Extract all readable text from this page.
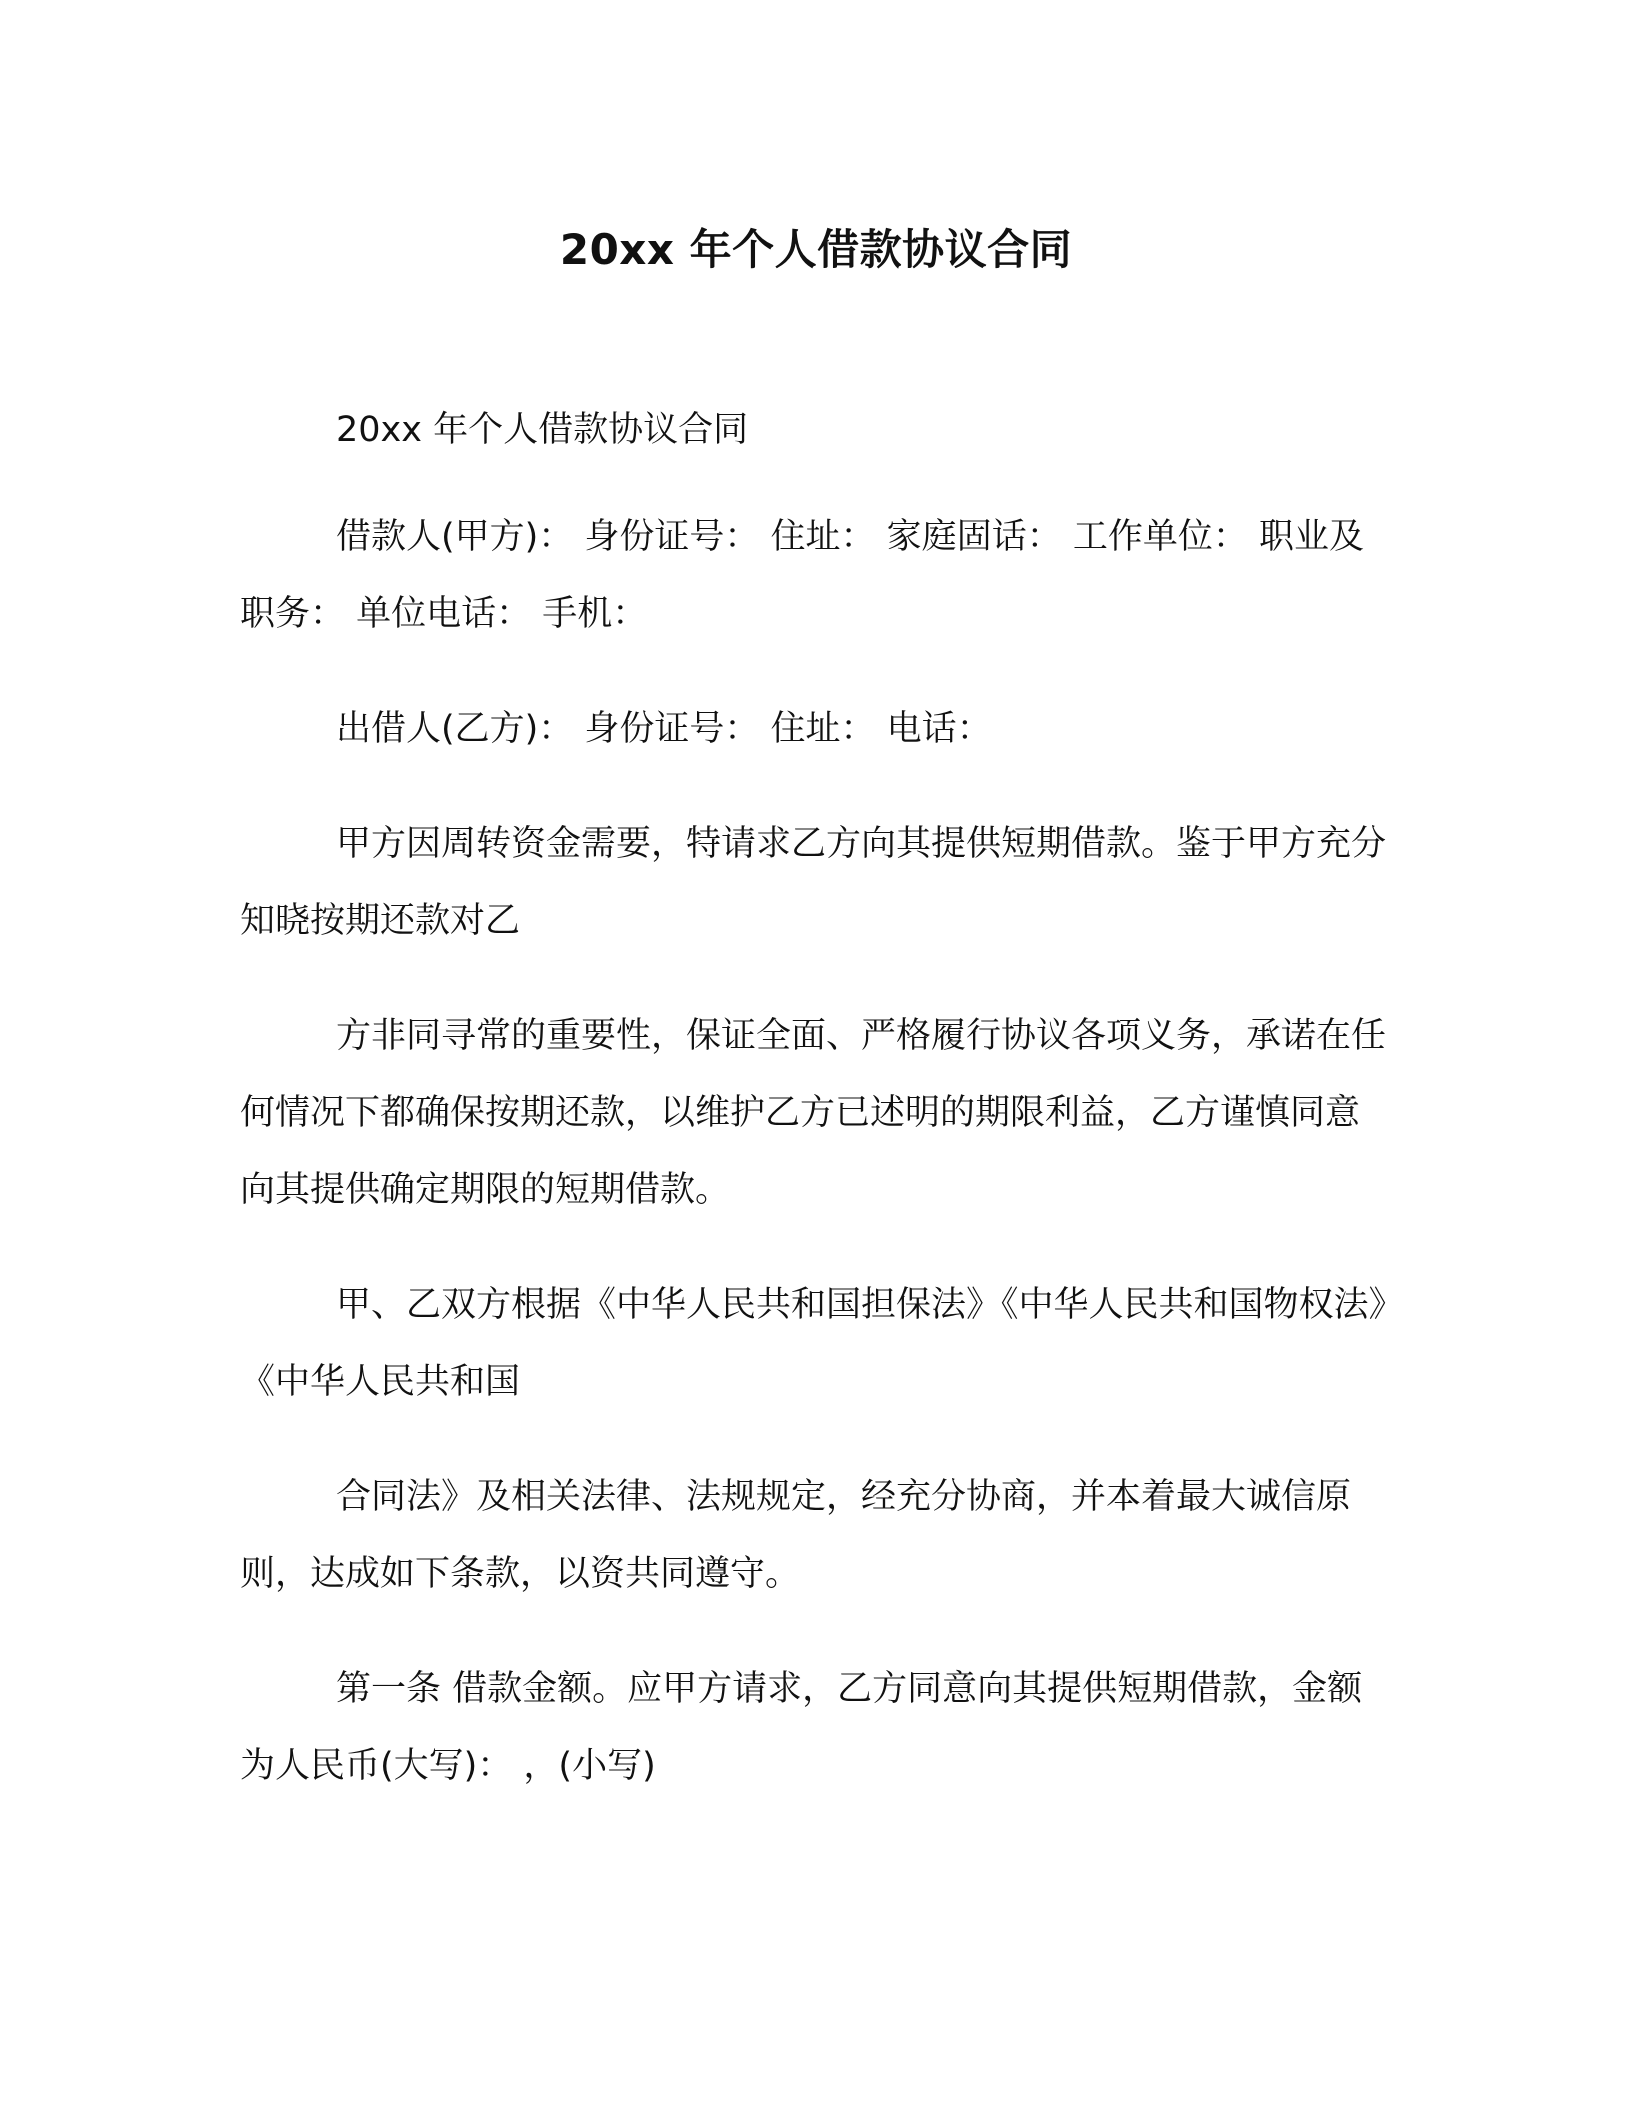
20xx 年个人借款协议合同

20xx 年个人借款协议合同

借款人(甲方)： 身份证号： 住址： 家庭固话： 工作单位： 职业及职务： 单位电话： 手机：

出借人(乙方)： 身份证号： 住址： 电话：

甲方因周转资金需要，特请求乙方向其提供短期借款。鉴于甲方充分知晓按期还款对乙

方非同寻常的重要性，保证全面、严格履行协议各项义务，承诺在任何情况下都确保按期还款，以维护乙方已述明的期限利益，乙方谨慎同意向其提供确定期限的短期借款。

甲、乙双方根据《中华人民共和国担保法》《中华人民共和国物权法》《中华人民共和国

合同法》及相关法律、法规规定，经充分协商，并本着最大诚信原则，达成如下条款，以资共同遵守。

第一条 借款金额。应甲方请求，乙方同意向其提供短期借款，金额为人民币(大写)： ，(小写)
